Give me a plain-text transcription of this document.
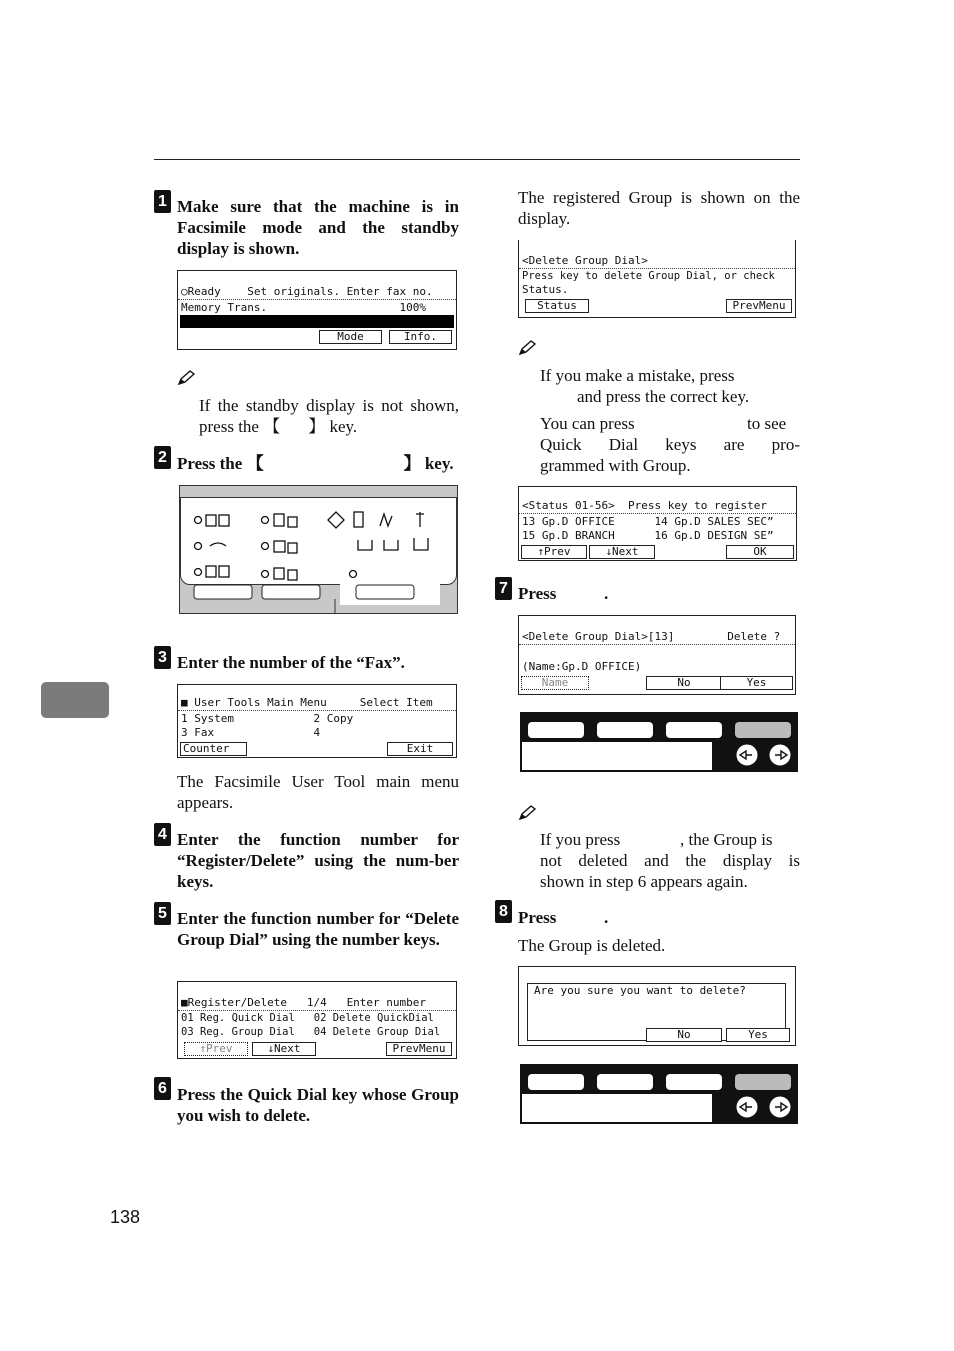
1 Make sure that the machine is in Facsimile mode and the standby display is shown.
○Ready    Set originals. Enter fax no.
Memory Trans.                    100%

Mode	Info.
If the standby display is not shown, press the 【 】 key.
2 Press the 【	】 key.
3 Enter the number of the “Fax”.
■ User Tools Main Menu     Select Item
1 System            2 Copy
3 Fax               4
Counter	Exit
The Facsimile User Tool main menu appears.
4 Enter the function number for “Register/Delete” using the num-ber keys.
5 Enter the function number for “Delete Group Dial” using the number keys.
■Register/Delete   1/4   Enter number
01 Reg. Quick Dial   02 Delete QuickDial
03 Reg. Group Dial   04 Delete Group Dial
↑Prev	↓Next	PrevMenu
6 Press the Quick Dial key whose Group you wish to delete.
The registered Group is shown on the display.
<Delete Group Dial>
Press key to delete Group Dial, or check
Status.
Status	PrevMenu
If you make a mistake, press
and press the correct key.
You can press	to see
Quick Dial keys are pro-
grammed with Group.
<Status 01-56>  Press key to register
13 Gp.D OFFICE      14 Gp.D SALES SEC”
15 Gp.D BRANCH      16 Gp.D DESIGN SE”
↑Prev	↓Next	OK
7 Press	.
<Delete Group Dial>[13]        Delete ?

(Name:Gp.D OFFICE)
Name	No	Yes
If you press	, the Group is
not deleted and the display is
shown in step 6 appears again.
8 Press	.
The Group is deleted.
Are you sure you want to delete?
No	Yes
138
